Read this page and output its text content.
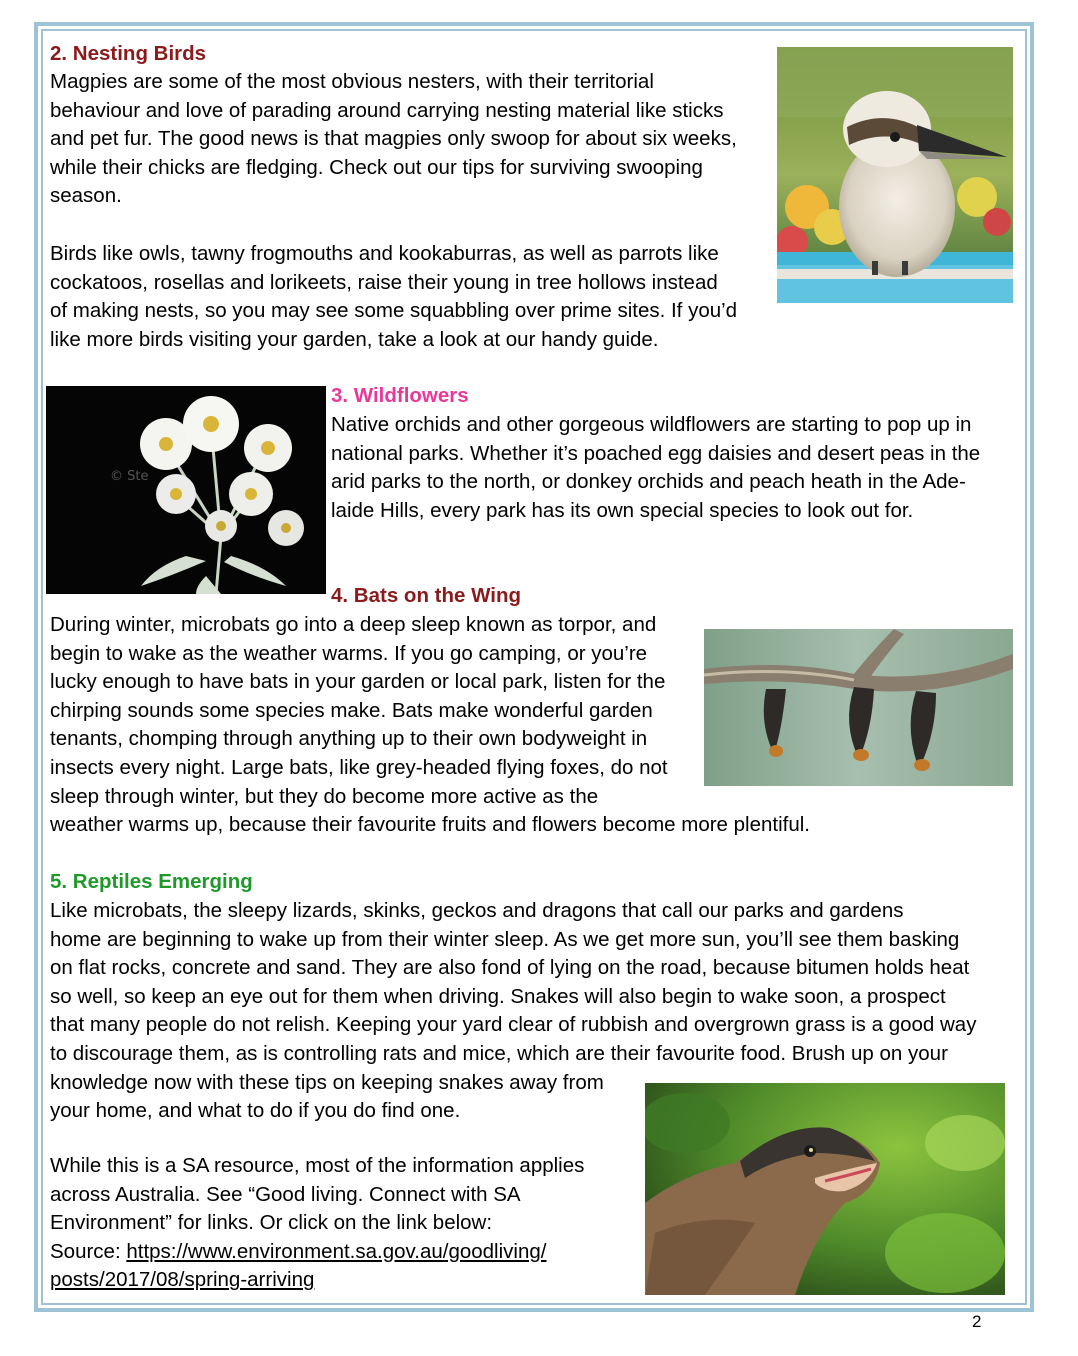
2. Nesting Birds

Magpies are some of the most obvious nesters, with their territorial

behaviour and love of parading around carrying nesting material like sticks

and pet fur. The good news is that magpies only swoop for about six weeks,

while their chicks are fledging. Check out our tips for surviving swooping

season.

Birds like owls, tawny frogmouths and kookaburras, as well as parrots like

cockatoos, rosellas and lorikeets, raise their young in tree hollows instead

of making nests, so you may see some squabbling over prime sites. If you’d

like more birds visiting your garden, take a look at our handy guide.

© Ste
3. Wildflowers

Native orchids and other gorgeous wildflowers are starting to pop up in

national parks. Whether it’s poached egg daisies and desert peas in the

arid parks to the north, or donkey orchids and peach heath in the Ade-

laide Hills, every park has its own special species to look out for.

4. Bats on the Wing

During winter, microbats go into a deep sleep known as torpor, and

begin to wake as the weather warms. If you go camping, or you’re

lucky enough to have bats in your garden or local park, listen for the

chirping sounds some species make. Bats make wonderful garden

tenants, chomping through anything up to their own bodyweight in

insects every night. Large bats, like grey-headed flying foxes, do not

sleep through winter, but they do become more active as the

weather warms up, because their favourite fruits and flowers become more plentiful.

5. Reptiles Emerging

Like microbats, the sleepy lizards, skinks, geckos and dragons that call our parks and gardens

home are beginning to wake up from their winter sleep. As we get more sun, you’ll see them basking

on flat rocks, concrete and sand. They are also fond of lying on the road, because bitumen holds heat

so well, so keep an eye out for them when driving. Snakes will also begin to wake soon, a prospect

that many people do not relish. Keeping your yard clear of rubbish and overgrown grass is a good way

to discourage them, as is controlling rats and mice, which are their favourite food. Brush up on your

knowledge now with these tips on keeping snakes away from

your home, and what to do if you do find one.

While this is a SA resource, most of the information applies

across Australia. See “Good living. Connect with SA

Environment” for links. Or click on the link below:

Source: https://www.environment.sa.gov.au/goodliving/

posts/2017/08/spring-arriving

2
